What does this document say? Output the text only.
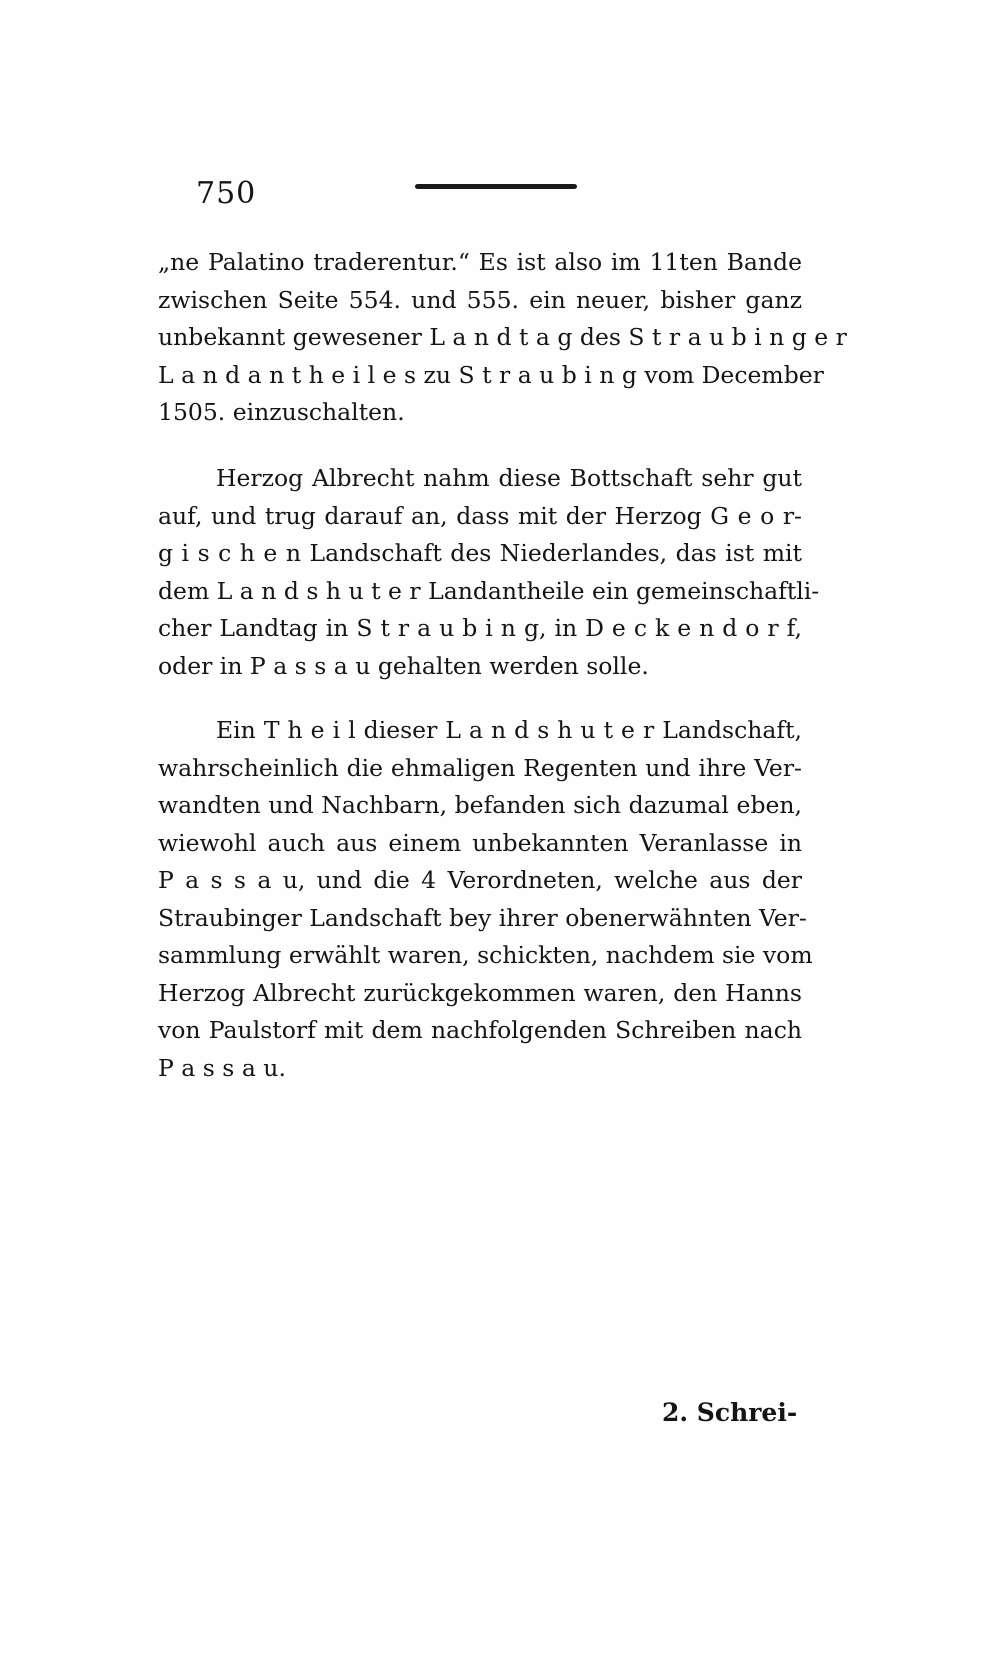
750
„ne Palatino traderentur.“ Es ist also im 11ten Bande
zwischen Seite 554. und 555. ein neuer, bisher ganz
unbekannt gewesener L a n d t a g des S t r a u b i n g e r
L a n d a n t h e i l e s zu S t r a u b i n g vom December
1505. einzuschalten.
Herzog Albrecht nahm diese Bottschaft sehr gut
auf, und trug darauf an, dass mit der Herzog G e o r-
g i s c h e n Landschaft des Niederlandes, das ist mit
dem L a n d s h u t e r Landantheile ein gemeinschaftli-
cher Landtag in S t r a u b i n g, in D e c k e n d o r f,
oder in P a s s a u gehalten werden solle.
Ein T h e i l dieser L a n d s h u t e r Landschaft,
wahrscheinlich die ehmaligen Regenten und ihre Ver-
wandten und Nachbarn, befanden sich dazumal eben,
wiewohl auch aus einem unbekannten Veranlasse in
P a s s a u, und die 4 Verordneten, welche aus der
Straubinger Landschaft bey ihrer obenerwähnten Ver-
sammlung erwählt waren, schickten, nachdem sie vom
Herzog Albrecht zurückgekommen waren, den Hanns
von Paulstorf mit dem nachfolgenden Schreiben nach
P a s s a u.
2. Schrei-
